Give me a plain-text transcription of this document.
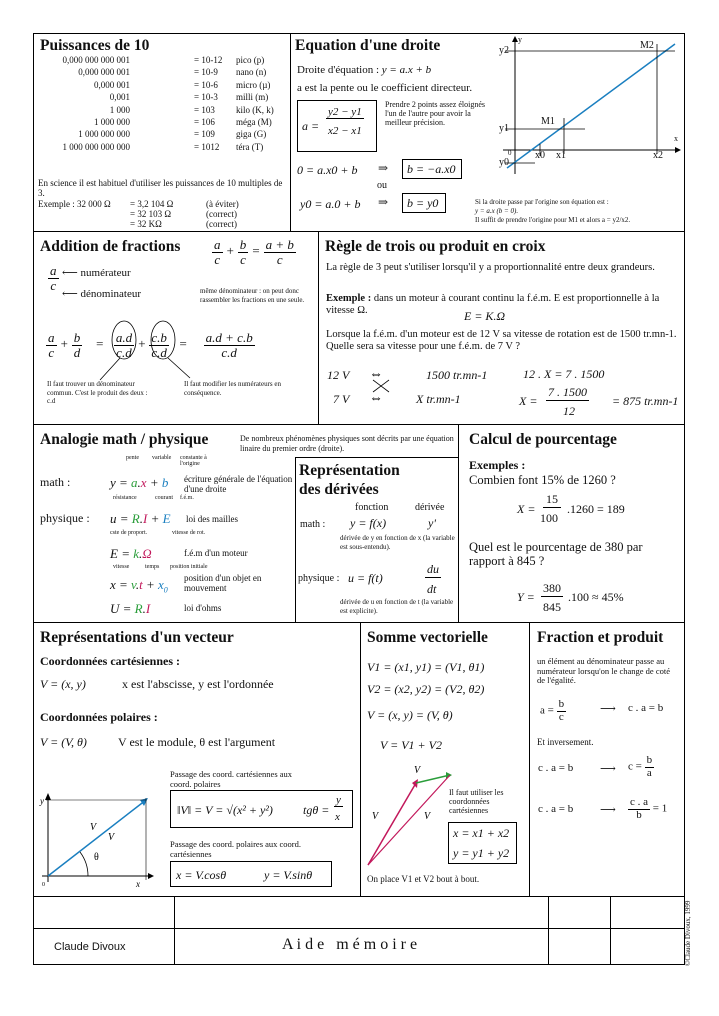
Puissances de 10
0,000 000 000 001	= 10-12 pico (p)
0,000 000 001	= 10-9 nano (n)
0,000 001	= 10-6 micro (µ)
0,001	= 10-3 milli (m)
1 000	= 103 kilo (K, k)
1 000 000	= 106 méga (M)
1 000 000 000	= 109 giga (G)
1 000 000 000 000	= 1012 téra (T)
En science il est habituel d'utiliser les puissances de 10 multiples de 3.
Exemple : 32 000 Ω = 3,2 104 Ω	(à éviter)
= 32 103 Ω	(correct)
= 32 KΩ	(correct)
Equation d'une droite
Droite d'équation : y = a.x + b
a est la pente ou le coefficient directeur.
a =
y2 − y1
x2 − x1
Prendre 2 points assez éloignés l'un de l'autre pour avoir la meilleur précision.
0 = a.x0 + b ⇒ b = −a.x0
ou
y0 = a.0 + b ⇒ b = y0	Si la droite passe par l'origine son équation est :
y = a.x (b = 0).
Il suffit de prendre l'origine pour M1 et alors a = y2/x2.
y
x
y2
y1
y0
0 x0 x1	x2
M1
M2
Addition de fractions $\frac{a}{c} + \frac{b}{c} = \frac{a + b}{c}$
$\frac{a}{c}$ ⟵ numérateur
⟵ dénominateur	même dénominateur : on peut donc rassembler les fractions en une seule.
$\frac{a}{c} + \frac{b}{d} = \frac{a.d}{c.d} + \frac{c.b}{c.d} = \frac{a.d + c.b}{c.d}$
Il faut trouver un dénominateur commun. C'est le produit des deux : c.d
Il faut modifier les numérateurs en conséquence.
Règle de trois ou produit en croix
La règle de 3 peut s'utiliser lorsqu'il y a proportionnalité entre deux grandeurs.
Exemple : dans un moteur à courant continu la f.é.m. E est proportionnelle à la vitesse Ω.	E = K.Ω
Lorsque la f.é.m. d'un moteur est de 12 V sa vitesse de rotation est de 1500 tr.mn-1. Quelle sera sa vitesse pour une f.é.m. de 7 V ?
12 V	1500 tr.mn-1
7 V	X tr.mn-1
⇔
⇔
12 . X = 7 . 1500
X =
7 . 1500
12
= 875 tr.mn-1
Analogie math / physique	De nombreux phénomènes physiques sont décrits par une équation linaire du premier ordre (droite).
pente variable constante à l'origine
math :	y = a.x + b écriture générale de l'équation d'une droite
résistance	courant f.é.m.
physique : u = R.I + E loi des mailles
cste de proport.	vitesse de rot.
E = k.Ω	f.é.m d'un moteur
vitesse	temps position initiale
$x = v.t + x_0$
position d'un objet en mouvement
U = R.I	loi d'ohms
Représentation
des dérivées
fonction	dérivée
math : y = f(x)	y'
dérivée de y en fonction de x (la variable est sous-entendu).
physique : u = f(t)
du
dt
dérivée de u en fonction de t (la variable est explicite).
Calcul de pourcentage
Exemples :
Combien font 15% de 1260 ?
X =
15
100
.1260 = 189
Quel est le pourcentage de 380 par rapport à 845 ?
Y =
380
845
.100 ≈ 45%
Représentations d'un vecteur
Coordonnées cartésiennes :
V = (x, y)	x est l'abscisse, y est l'ordonnée
Coordonnées polaires :
V = (V, θ)	V est le module, θ est l'argument
y
x
0
V
V
θ
Passage des coord. cartésiennes aux coord. polaires
‖V‖ = V = √(x² + y²)	tgθ =
y
x
Passage des coord. polaires aux coord. cartésiennes
x = V.cosθ	y = V.sinθ
Somme vectorielle
V1 = (x1, y1) = (V1, θ1)
V2 = (x2, y2) = (V2, θ2)
V = (x, y) = (V, θ)
V = V1 + V2
V
V
V
Il faut utiliser les coordonnées cartésiennes
x = x1 + x2
y = y1 + y2
On place V1 et V2 bout à bout.
Fraction et produit
un élément au dénominateur passe au numérateur lorsqu'on le change de coté de l'égalité.
$a = \frac{b}{c}$	⟶ c . a = b
Et inversement.
c . a = b ⟶ $c = \frac{b}{a}$
c . a = b ⟶ $\frac{c . a}{b} = 1$
Claude Divoux	A i d e   m é m o i r e	©Claude Divoux, 1999
